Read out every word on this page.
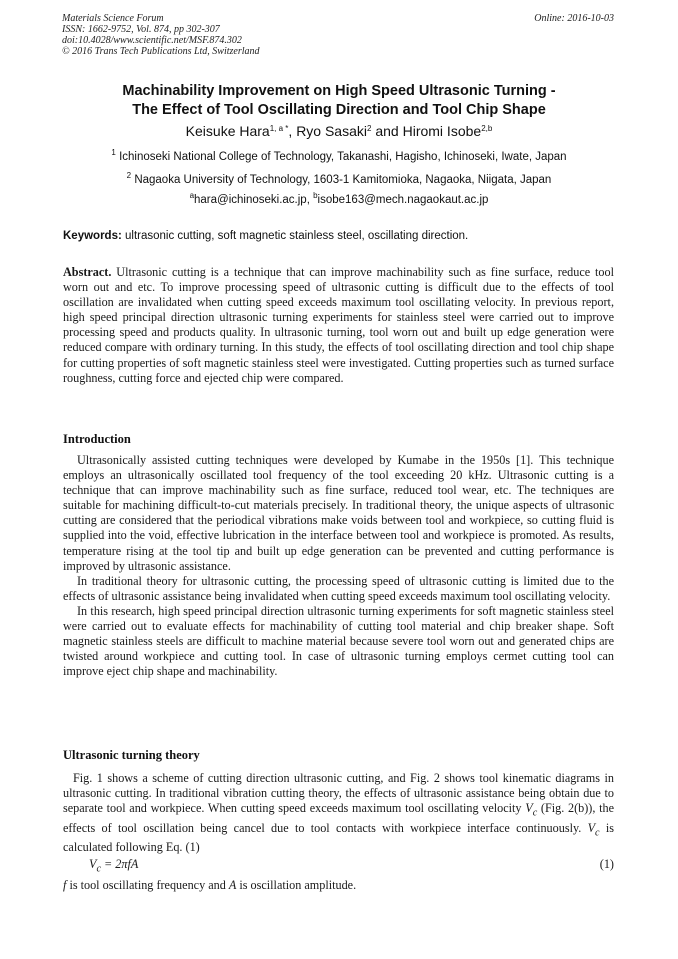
Materials Science Forum
ISSN: 1662-9752, Vol. 874, pp 302-307
doi:10.4028/www.scientific.net/MSF.874.302
© 2016 Trans Tech Publications Ltd, Switzerland
Online: 2016-10-03
Machinability Improvement on High Speed Ultrasonic Turning -
The Effect of Tool Oscillating Direction and Tool Chip Shape
Keisuke Hara$^{1, a *}$, Ryo Sasaki$^2$ and Hiromi Isobe$^{2,b}$
$^1$ Ichinoseki National College of Technology, Takanashi, Hagisho, Ichinoseki, Iwate, Japan
$^2$ Nagaoka University of Technology, 1603-1 Kamitomioka, Nagaoka, Niigata, Japan
$^a$hara@ichinoseki.ac.jp, $^b$isobe163@mech.nagaokaut.ac.jp
Keywords: ultrasonic cutting, soft magnetic stainless steel, oscillating direction.

Abstract. Ultrasonic cutting is a technique that can improve machinability such as fine surface, reduce tool worn out and etc. To improve processing speed of ultrasonic cutting is difficult due to the effects of tool oscillation are invalidated when cutting speed exceeds maximum tool oscillating velocity. In previous report, high speed principal direction ultrasonic turning experiments for stainless steel were carried out to improve processing speed and products quality. In ultrasonic turning, tool worn out and built up edge generation were reduced compare with ordinary turning. In this study, the effects of tool oscillating direction and tool chip shape for cutting properties of soft magnetic stainless steel were investigated. Cutting properties such as turned surface roughness, cutting force and ejected chip were compared.

Introduction

Ultrasonically assisted cutting techniques were developed by Kumabe in the 1950s [1]. This technique employs an ultrasonically oscillated tool frequency of the tool exceeding 20 kHz. Ultrasonic cutting is a technique that can improve machinability such as fine surface, reduced tool wear, etc. The techniques are suitable for machining difficult-to-cut materials precisely. In traditional theory, the unique aspects of ultrasonic cutting are considered that the periodical vibrations make voids between tool and workpiece, so cutting fluid is supplied into the void, effective lubrication in the interface between tool and workpiece is promoted. As results, temperature rising at the tool tip and built up edge generation can be prevented and cutting performance is improved by ultrasonic assistance.

In traditional theory for ultrasonic cutting, the processing speed of ultrasonic cutting is limited due to the effects of ultrasonic assistance being invalidated when cutting speed exceeds maximum tool oscillating velocity.

In this research, high speed principal direction ultrasonic turning experiments for soft magnetic stainless steel were carried out to evaluate effects for machinability of cutting tool material and chip breaker shape. Soft magnetic stainless steels are difficult to machine material because severe tool worn out and generated chips are twisted around workpiece and cutting tool. In case of ultrasonic turning employs cermet cutting tool can improve eject chip shape and machinability.

Ultrasonic turning theory

Fig. 1 shows a scheme of cutting direction ultrasonic cutting, and Fig. 2 shows tool kinematic diagrams in ultrasonic cutting. In traditional vibration cutting theory, the effects of ultrasonic assistance being obtain due to separate tool and workpiece. When cutting speed exceeds maximum tool oscillating velocity $V_c$ (Fig. 2(b)), the effects of tool oscillation being cancel due to tool contacts with workpiece interface continuously. $V_c$ is calculated following Eq. (1)

$V_c = 2\pi fA$	(1)
f is tool oscillating frequency and A is oscillation amplitude.
